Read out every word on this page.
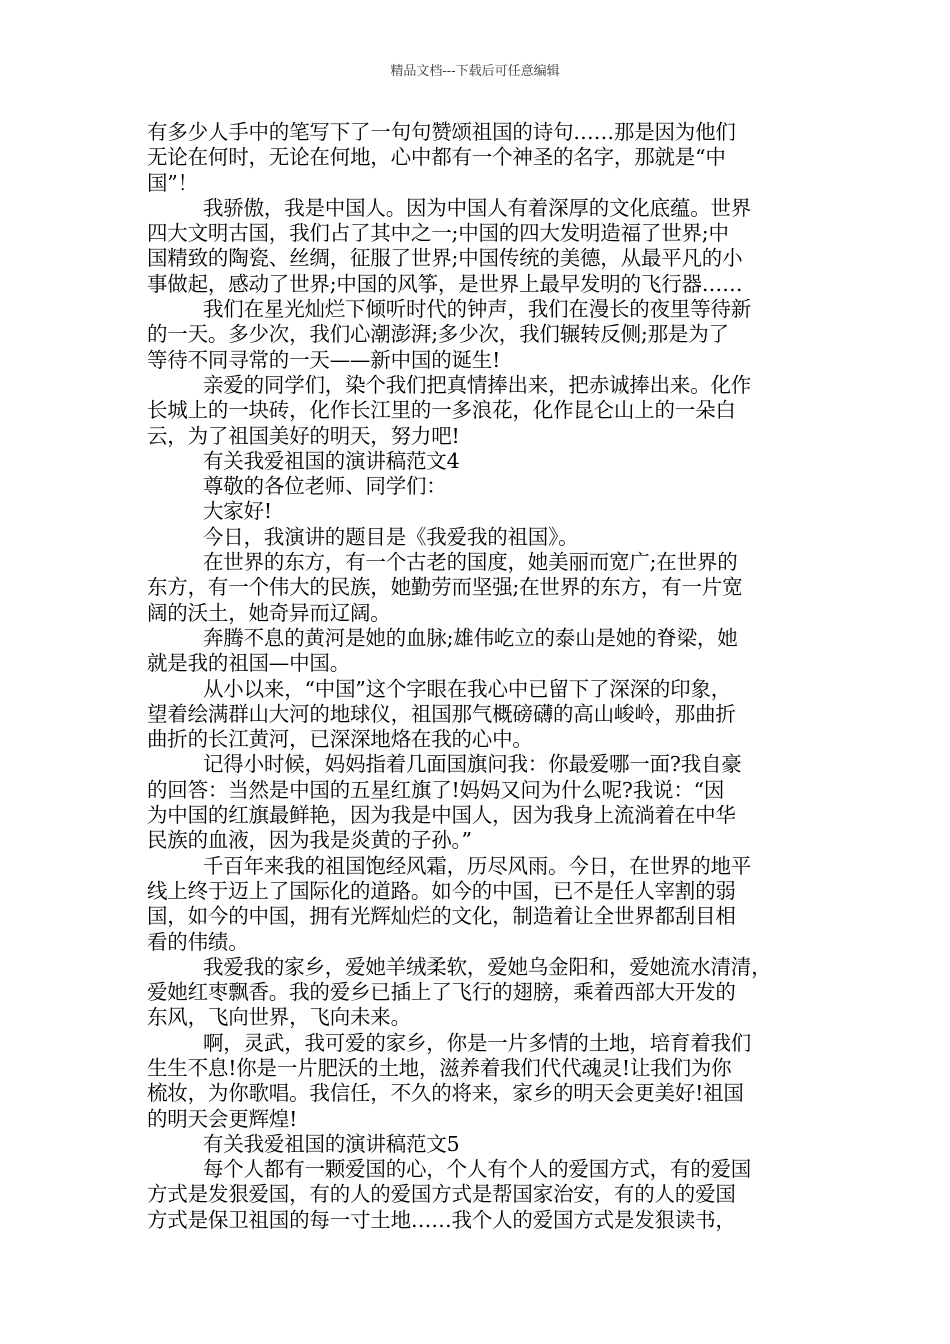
精品文档---下载后可任意编辑
有多少人手中的笔写下了一句句赞颂祖国的诗句……那是因为他们
无论在何时，无论在何地，心中都有一个神圣的名字，那就是“中
国”！
我骄傲，我是中国人。因为中国人有着深厚的文化底蕴。世界
四大文明古国，我们占了其中之一;中国的四大发明造福了世界;中
国精致的陶瓷、丝绸，征服了世界;中国传统的美德，从最平凡的小
事做起，感动了世界;中国的风筝，是世界上最早发明的飞行器……
我们在星光灿烂下倾听时代的钟声，我们在漫长的夜里等待新
的一天。多少次，我们心潮澎湃;多少次，我们辗转反侧;那是为了
等待不同寻常的一天——新中国的诞生!
亲爱的同学们，染个我们把真情捧出来，把赤诚捧出来。化作
长城上的一块砖，化作长江里的一多浪花，化作昆仑山上的一朵白
云，为了祖国美好的明天，努力吧!
有关我爱祖国的演讲稿范文4
尊敬的各位老师、同学们：
大家好!
今日，我演讲的题目是《我爱我的祖国》。
在世界的东方，有一个古老的国度，她美丽而宽广;在世界的
东方，有一个伟大的民族，她勤劳而坚强;在世界的东方，有一片宽
阔的沃土，她奇异而辽阔。
奔腾不息的黄河是她的血脉;雄伟屹立的泰山是她的脊梁，她
就是我的祖国—中国。
从小以来，“中国”这个字眼在我心中已留下了深深的印象，
望着绘满群山大河的地球仪，祖国那气概磅礴的高山峻岭，那曲折
曲折的长江黄河，已深深地烙在我的心中。
记得小时候，妈妈指着几面国旗问我：你最爱哪一面?我自豪
的回答：当然是中国的五星红旗了!妈妈又问为什么呢?我说：“因
为中国的红旗最鲜艳，因为我是中国人，因为我身上流淌着在中华
民族的血液，因为我是炎黄的子孙。”
千百年来我的祖国饱经风霜，历尽风雨。今日，在世界的地平
线上终于迈上了国际化的道路。如今的中国，已不是任人宰割的弱
国，如今的中国，拥有光辉灿烂的文化，制造着让全世界都刮目相
看的伟绩。
我爱我的家乡，爱她羊绒柔软，爱她乌金阳和，爱她流水清清，
爱她红枣飘香。我的爱乡已插上了飞行的翅膀，乘着西部大开发的
东风，飞向世界，飞向未来。
啊，灵武，我可爱的家乡，你是一片多情的土地，培育着我们
生生不息!你是一片肥沃的土地，滋养着我们代代魂灵!让我们为你
梳妆，为你歌唱。我信任，不久的将来，家乡的明天会更美好!祖国
的明天会更辉煌!
有关我爱祖国的演讲稿范文5
每个人都有一颗爱国的心，个人有个人的爱国方式，有的爱国
方式是发狠爱国，有的人的爱国方式是帮国家治安，有的人的爱国
方式是保卫祖国的每一寸土地……我个人的爱国方式是发狠读书，
